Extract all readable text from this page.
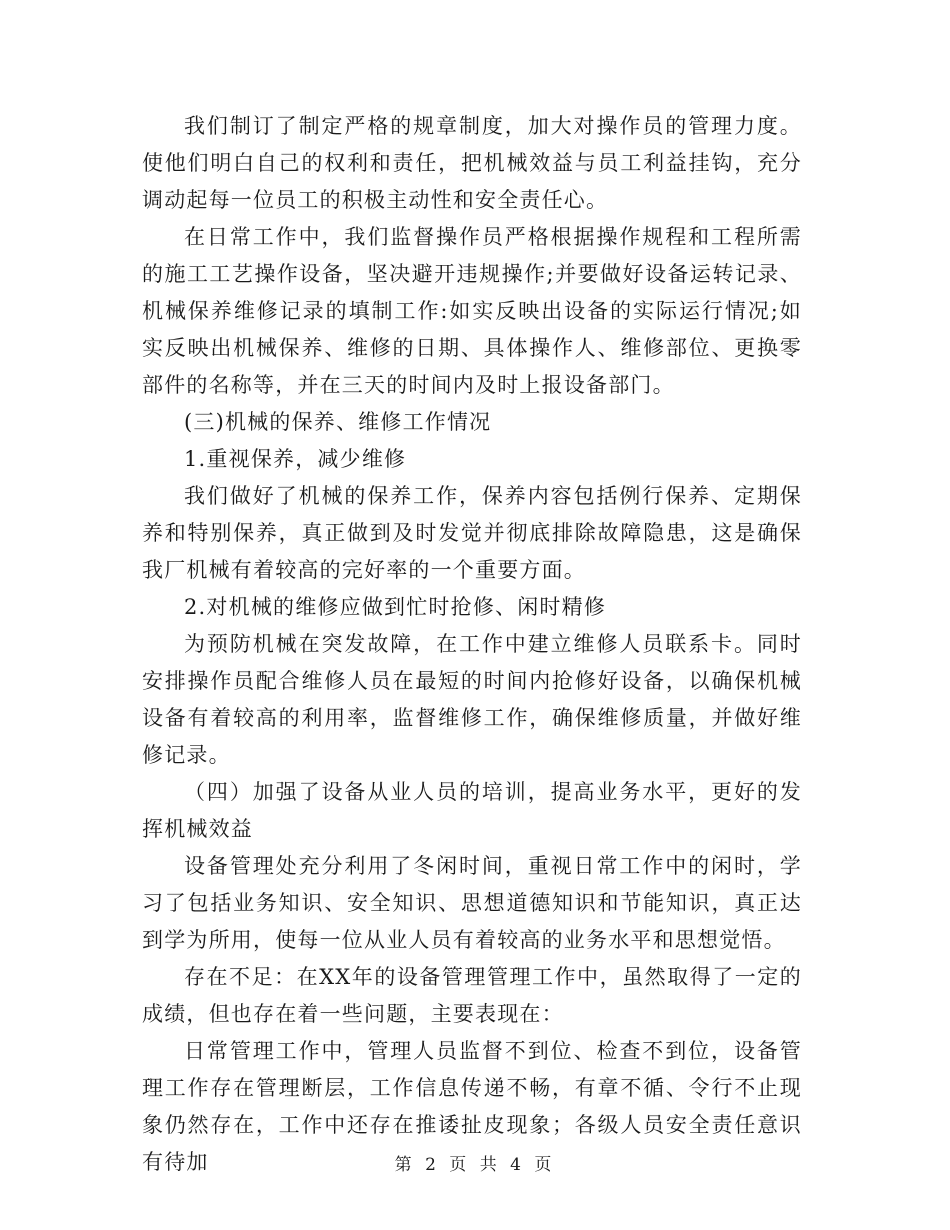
我们制订了制定严格的规章制度，加大对操作员的管理力度。使他们明白自己的权利和责任，把机械效益与员工利益挂钩，充分调动起每一位员工的积极主动性和安全责任心。

在日常工作中，我们监督操作员严格根据操作规程和工程所需的施工工艺操作设备，坚决避开违规操作;并要做好设备运转记录、机械保养维修记录的填制工作:如实反映出设备的实际运行情况;如实反映出机械保养、维修的日期、具体操作人、维修部位、更换零部件的名称等，并在三天的时间内及时上报设备部门。

(三)机械的保养、维修工作情况

1.重视保养，减少维修

我们做好了机械的保养工作，保养内容包括例行保养、定期保养和特别保养，真正做到及时发觉并彻底排除故障隐患，这是确保我厂机械有着较高的完好率的一个重要方面。

2.对机械的维修应做到忙时抢修、闲时精修

为预防机械在突发故障，在工作中建立维修人员联系卡。同时安排操作员配合维修人员在最短的时间内抢修好设备，以确保机械设备有着较高的利用率，监督维修工作，确保维修质量，并做好维修记录。

（四）加强了设备从业人员的培训，提高业务水平，更好的发挥机械效益

设备管理处充分利用了冬闲时间，重视日常工作中的闲时，学习了包括业务知识、安全知识、思想道德知识和节能知识，真正达到学为所用，使每一位从业人员有着较高的业务水平和思想觉悟。

存在不足：在XX年的设备管理管理工作中，虽然取得了一定的成绩，但也存在着一些问题，主要表现在：

日常管理工作中，管理人员监督不到位、检查不到位，设备管理工作存在管理断层，工作信息传递不畅，有章不循、令行不止现象仍然存在，工作中还存在推诿扯皮现象；各级人员安全责任意识有待加	第 2 页 共 4 页
